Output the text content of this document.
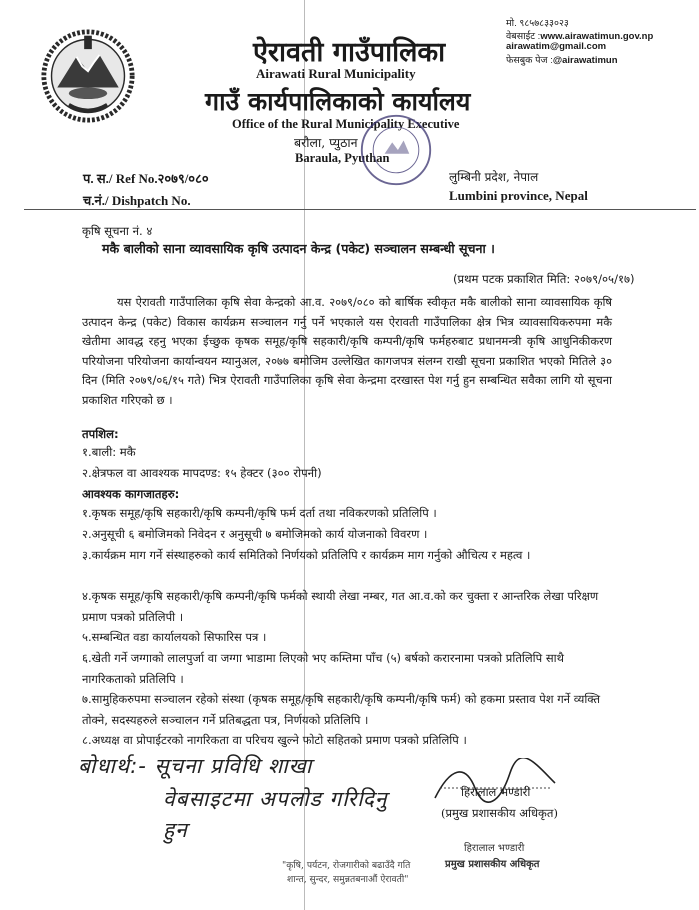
ऐरावती गाउँपालिका
Airawati Rural Municipality
गाउँ कार्यपालिकाको कार्यालय
Office of the Rural Municipality Executive
बरौला, प्युठान
Baraula, Pyuthan
मो. ९८५७८३३०२३
वेबसाईट :www.airawatimun.gov.np
airawatim@gmail.com
फेसबुक पेज :@airawatimun
प. स./ Ref No.२०७९/०८०
च.नं./ Dishpatch No.
लुम्बिनी प्रदेश, नेपाल
Lumbini province, Nepal
कृषि सूचना नं. ४
मकै बालीको साना व्यावसायिक कृषि उत्पादन केन्द्र (पकेट) सञ्चालन सम्बन्धी सूचना ।
(प्रथम पटक प्रकाशित मिति: २०७९/०५/१७)
यस ऐरावती गाउँपालिका कृषि सेवा केन्द्रको आ.व. २०७९/०८० को बार्षिक स्वीकृत मकै बालीको साना व्यावसायिक कृषि उत्पादन केन्द्र (पकेट) विकास कार्यक्रम सञ्चालन गर्नु पर्ने भएकाले यस ऐरावती गाउँपालिका क्षेत्र भित्र व्यावसायिकरुपमा मकै खेतीमा आवद्ध रहनु भएका ईच्छुक कृषक समूह/कृषि सहकारी/कृषि कम्पनी/कृषि फर्महरुबाट प्रधानमन्त्री कृषि आधुनिकीकरण परियोजना परियोजना कार्यान्वयन म्यानुअल, २०७७ बमोजिम उल्लेखित कागजपत्र संलग्न राखी सूचना प्रकाशित भएको मितिले ३० दिन (मिति २०७९/०६/१५ गते) भित्र ऐरावती गाउँपालिका कृषि सेवा केन्द्रमा दरखास्त पेश गर्नु हुन सम्बन्धित सवैका लागि यो सूचना प्रकाशित गरिएको छ ।
तपशिल:
१.बाली: मकै
२.क्षेत्रफल वा आवश्यक मापदण्ड: १५ हेक्टर (३०० रोपनी)
आवश्यक कागजातहरु:
१.कृषक समूह/कृषि सहकारी/कृषि कम्पनी/कृषि फर्म दर्ता तथा नविकरणको प्रतिलिपि ।
२.अनुसूची ६ बमोजिमको निवेदन र अनुसूची ७ बमोजिमको कार्य योजनाको विवरण ।
३.कार्यक्रम माग गर्ने संस्थाहरुको कार्य समितिको निर्णयको प्रतिलिपि र कार्यक्रम माग गर्नुको औचित्य र महत्व ।
४.कृषक समूह/कृषि सहकारी/कृषि कम्पनी/कृषि फर्मको स्थायी लेखा नम्बर, गत आ.व.को कर चुक्ता र आन्तरिक लेखा परिक्षण प्रमाण पत्रको प्रतिलिपी ।
५.सम्बन्धित वडा कार्यालयको सिफारिस पत्र ।
६.खेती गर्ने जग्गाको लालपुर्जा वा जग्गा भाडामा लिएको भए कम्तिमा पाँच (५) बर्षको करारनामा पत्रको प्रतिलिपि साथै नागरिकताको प्रतिलिपि ।
७.सामुहिकरुपमा सञ्चालन रहेको संस्था (कृषक समूह/कृषि सहकारी/कृषि कम्पनी/कृषि फर्म) को हकमा प्रस्ताव पेश गर्ने व्यक्ति तोक्ने, सदस्यहरुले सञ्चालन गर्ने प्रतिबद्धता पत्र, निर्णयको प्रतिलिपि ।
८.अध्यक्ष वा प्रोपाईटरको नागरिकता वा परिचय खुल्ने फोटो सहितको प्रमाण पत्रको प्रतिलिपि ।
बोधार्थ:- सूचना प्रविधि शाखा
वेबसाइटमा अपलोड गरिदिनु
हुन
हिरालाल भण्डारी
(प्रमुख प्रशासकीय अधिकृत)
हिरालाल भण्डारी
प्रमुख प्रशासकीय अधिकृत
"कृषि, पर्यटन, रोजगारीको बढाउँदै गति
शान्त, सुन्दर, समुन्नतबनाऔं ऐरावती"
